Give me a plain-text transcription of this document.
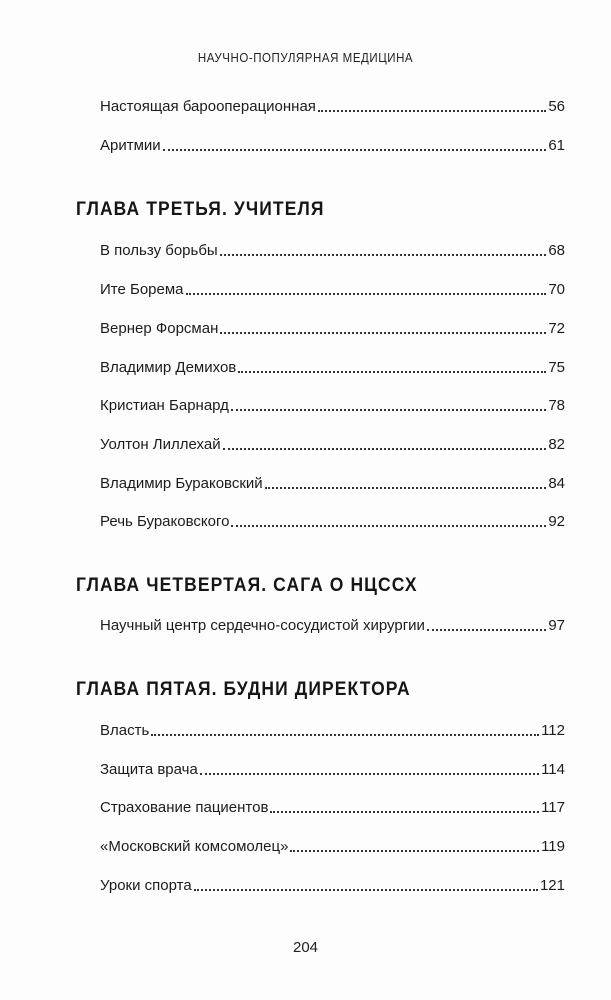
НАУЧНО-ПОПУЛЯРНАЯ МЕДИЦИНА
Настоящая барооперационная	56
Аритмии	61
ГЛАВА ТРЕТЬЯ. УЧИТЕЛЯ
В пользу борьбы	68
Ите Борема	70
Вернер Форсман	72
Владимир Демихов	75
Кристиан Барнард	78
Уолтон Лиллехай	82
Владимир Бураковский	84
Речь Бураковского	92
ГЛАВА ЧЕТВЕРТАЯ. САГА О НЦССХ
Научный центр сердечно-сосудистой хирургии	97
ГЛАВА ПЯТАЯ. БУДНИ ДИРЕКТОРА
Власть	112
Защита врача	114
Страхование пациентов	117
«Московский комсомолец»	119
Уроки спорта	121
204
